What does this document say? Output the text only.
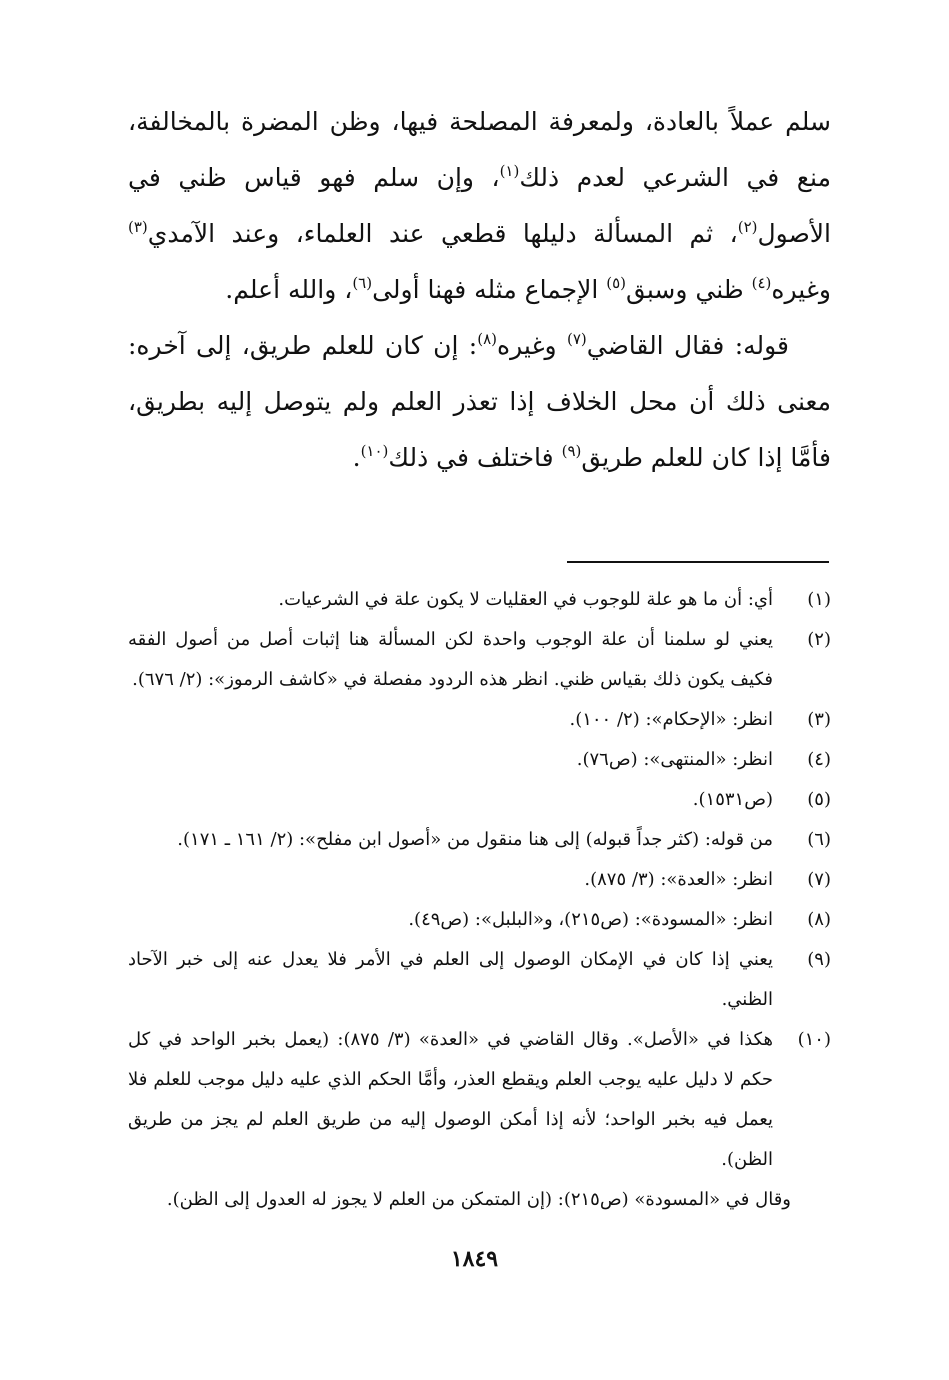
سلم عملاً بالعادة، ولمعرفة المصلحة فيها، وظن المضرة بالمخالفة، منع في الشرعي لعدم ذلك$^{(١)}$، وإن سلم فهو قياس ظني في الأصول$^{(٢)}$، ثم المسألة دليلها قطعي عند العلماء، وعند الآمدي$^{(٣)}$ وغيره$^{(٤)}$ ظني وسبق$^{(٥)}$ الإجماع مثله فهنا أولى$^{(٦)}$، والله أعلم.

قوله: فقال القاضي$^{(٧)}$ وغيره$^{(٨)}$: إن كان للعلم طريق، إلى آخره: معنى ذلك أن محل الخلاف إذا تعذر العلم ولم يتوصل إليه بطريق، فأمَّا إذا كان للعلم طريق$^{(٩)}$ فاختلف في ذلك$^{(١٠)}$.

(١)
أي: أن ما هو علة للوجوب في العقليات لا يكون علة في الشرعيات.
(٢)
يعني لو سلمنا أن علة الوجوب واحدة لكن المسألة هنا إثبات أصل من أصول الفقه فكيف يكون ذلك بقياس ظني. انظر هذه الردود مفصلة في «كاشف الرموز»: (٢/ ٦٧٦).
(٣)
انظر: «الإحكام»: (٢/ ١٠٠).
(٤)
انظر: «المنتهى»: (ص٧٦).
(٥)
(ص١٥٣١).
(٦)
من قوله: (كثر جداً قبوله) إلى هنا منقول من «أصول ابن مفلح»: (٢/ ١٦١ ـ ١٧١).
(٧)
انظر: «العدة»: (٣/ ٨٧٥).
(٨)
انظر: «المسودة»: (ص٢١٥)، و«البلبل»: (ص٤٩).
(٩)
يعني إذا كان في الإمكان الوصول إلى العلم في الأمر فلا يعدل عنه إلى خبر الآحاد الظني.
(١٠)
هكذا في «الأصل». وقال القاضي في «العدة» (٣/ ٨٧٥): (يعمل بخبر الواحد في كل حكم لا دليل عليه يوجب العلم ويقطع العذر، وأمَّا الحكم الذي عليه دليل موجب للعلم فلا يعمل فيه بخبر الواحد؛ لأنه إذا أمكن الوصول إليه من طريق العلم لم يجز من طريق الظن).
وقال في «المسودة» (ص٢١٥): (إن المتمكن من العلم لا يجوز له العدول إلى الظن).
١٨٤٩
